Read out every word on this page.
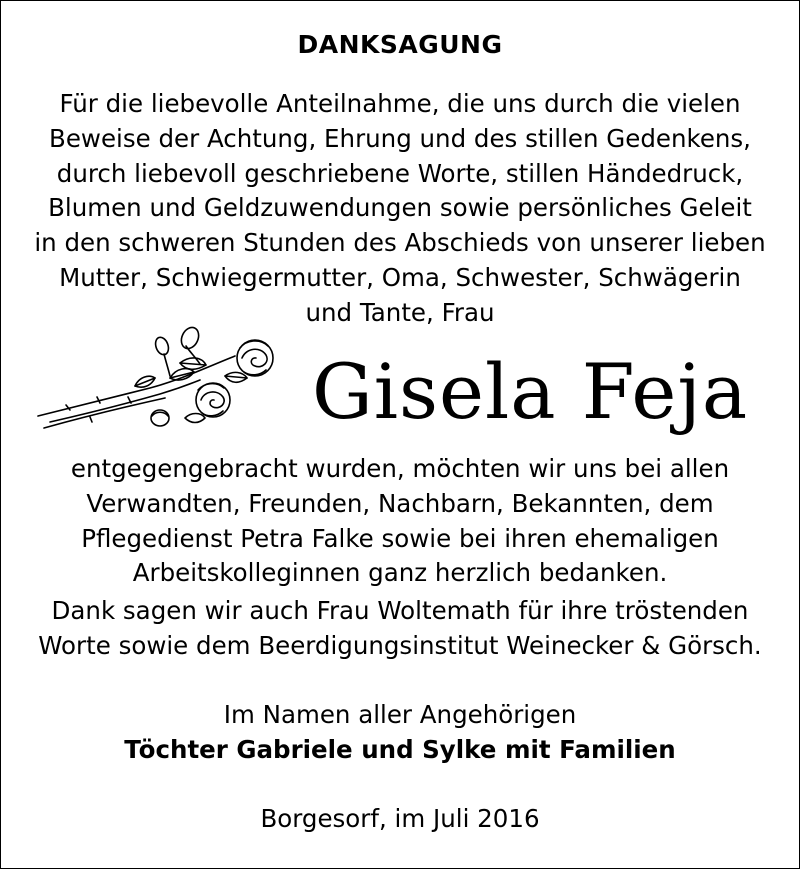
DANKSAGUNG
Für die liebevolle Anteilnahme, die uns durch die vielen
Beweise der Achtung, Ehrung und des stillen Gedenkens,
durch liebevoll geschriebene Worte, stillen Händedruck,
Blumen und Geldzuwendungen sowie persönliches Geleit
in den schweren Stunden des Abschieds von unserer lieben
Mutter, Schwiegermutter, Oma, Schwester, Schwägerin
und Tante, Frau
Gisela Feja
entgegengebracht wurden, möchten wir uns bei allen
Verwandten, Freunden, Nachbarn, Bekannten, dem
Pflegedienst Petra Falke sowie bei ihren ehemaligen
Arbeitskolleginnen ganz herzlich bedanken.
Dank sagen wir auch Frau Woltemath für ihre tröstenden
Worte sowie dem Beerdigungsinstitut Weinecker & Görsch.
Im Namen aller Angehörigen
Töchter Gabriele und Sylke mit Familien
Borgesorf, im Juli 2016
